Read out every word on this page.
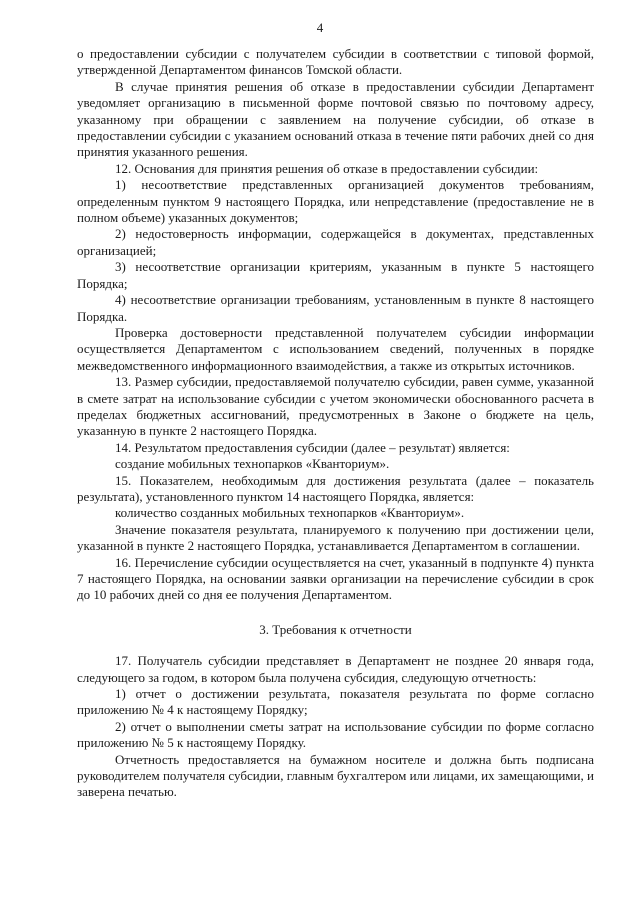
4

о предоставлении субсидии с получателем субсидии в соответствии с типовой формой, утвержденной Департаментом финансов Томской области.

В случае принятия решения об отказе в предоставлении субсидии Департамент уведомляет организацию в письменной форме почтовой связью по почтовому адресу, указанному при обращении с заявлением на получение субсидии, об отказе в предоставлении субсидии с указанием оснований отказа в течение пяти рабочих дней со дня принятия указанного решения.

12. Основания для принятия решения об отказе в предоставлении субсидии:

1) несоответствие представленных организацией документов требованиям, определенным пунктом 9 настоящего Порядка, или непредставление (предоставление не в полном объеме) указанных документов;

2) недостоверность информации, содержащейся в документах, представленных организацией;

3) несоответствие организации критериям, указанным в пункте 5 настоящего Порядка;

4) несоответствие организации требованиям, установленным в пункте 8 настоящего Порядка.

Проверка достоверности представленной получателем субсидии информации осуществляется Департаментом с использованием сведений, полученных в порядке межведомственного информационного взаимодействия, а также из открытых источников.

13. Размер субсидии, предоставляемой получателю субсидии, равен сумме, указанной в смете затрат на использование субсидии с учетом экономически обоснованного расчета в пределах бюджетных ассигнований, предусмотренных в Законе о бюджете на цель, указанную в пункте 2 настоящего Порядка.

14. Результатом предоставления субсидии (далее – результат) является:

создание мобильных технопарков «Кванториум».

15. Показателем, необходимым для достижения результата (далее – показатель результата), установленного пунктом 14 настоящего Порядка, является:

количество созданных мобильных технопарков «Кванториум».

Значение показателя результата, планируемого к получению при достижении цели, указанной в пункте 2 настоящего Порядка, устанавливается Департаментом в соглашении.

16. Перечисление субсидии осуществляется на счет, указанный в подпункте 4) пункта 7 настоящего Порядка, на основании заявки организации на перечисление субсидии в срок до 10 рабочих дней со дня ее получения Департаментом.

3. Требования к отчетности

17. Получатель субсидии представляет в Департамент не позднее 20 января года, следующего за годом, в котором была получена субсидия, следующую отчетность:

1) отчет о достижении результата, показателя результата по форме согласно приложению № 4 к настоящему Порядку;

2) отчет о выполнении сметы затрат на использование субсидии по форме согласно приложению № 5 к настоящему Порядку.

Отчетность предоставляется на бумажном носителе и должна быть подписана руководителем получателя субсидии, главным бухгалтером или лицами, их замещающими, и заверена печатью.
